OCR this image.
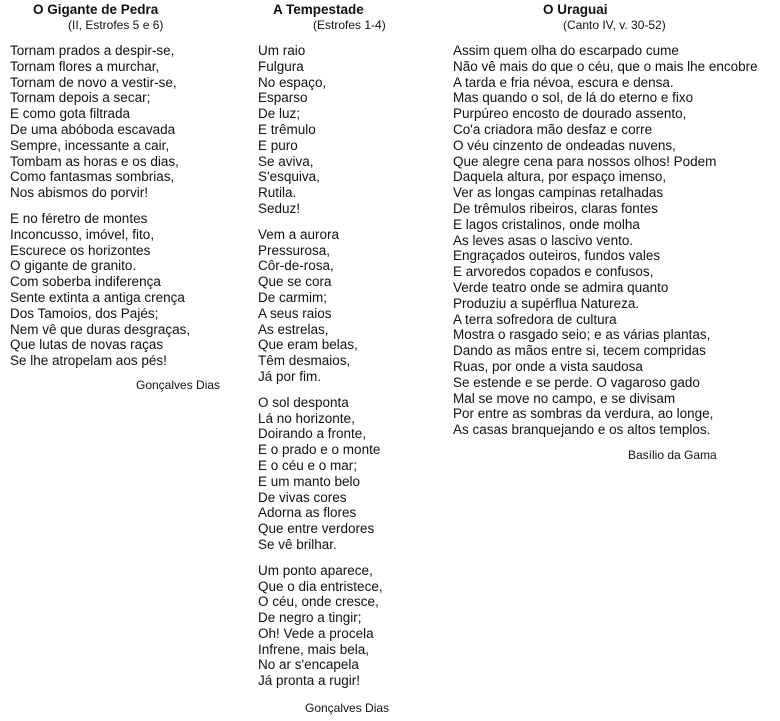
O Gigante de Pedra
(II, Estrofes 5 e 6)
Tornam prados a despir-se,
Tornam flores a murchar,
Tornam de novo a vestir-se,
Tornam depois a secar;
E como gota filtrada
De uma abóboda escavada
Sempre, incessante a cair,
Tombam as horas e os dias,
Como fantasmas sombrias,
Nos abismos do porvir!
E no féretro de montes
Inconcusso, imóvel, fito,
Escurece os horizontes
O gigante de granito.
Com soberba indiferença
Sente extinta a antiga crença
Dos Tamoios, dos Pajés;
Nem vê que duras desgraças,
Que lutas de novas raças
Se lhe atropelam aos pés!
Gonçalves Dias
A Tempestade
(Estrofes 1-4)
Um raio
Fulgura
No espaço,
Esparso
De luz;
E trêmulo
E puro
Se aviva,
S'esquiva,
Rutila.
Seduz!
Vem a aurora
Pressurosa,
Côr-de-rosa,
Que se cora
De carmim;
A seus raios
As estrelas,
Que eram belas,
Têm desmaios,
Já por fim.
O sol desponta
Lá no horizonte,
Doirando a fronte,
E o prado e o monte
E o céu e o mar;
E um manto belo
De vivas cores
Adorna as flores
Que entre verdores
Se vê brilhar.
Um ponto aparece,
Que o dia entristece,
O céu, onde cresce,
De negro a tingir;
Oh! Vede a procela
Infrene, mais bela,
No ar s'encapela
Já pronta a rugir!
Gonçalves Dias
O Uraguai
(Canto IV, v. 30-52)
Assim quem olha do escarpado cume
Não vê mais do que o céu, que o mais lhe encobre
A tarda e fria névoa, escura e densa.
Mas quando o sol, de lá do eterno e fixo
Purpúreo encosto de dourado assento,
Co'a criadora mão desfaz e corre
O véu cinzento de ondeadas nuvens,
Que alegre cena para nossos olhos! Podem
Daquela altura, por espaço imenso,
Ver as longas campinas retalhadas
De trêmulos ribeiros, claras fontes
E lagos cristalinos, onde molha
As leves asas o lascivo vento.
Engraçados outeiros, fundos vales
E arvoredos copados e confusos,
Verde teatro onde se admira quanto
Produziu a supérflua Natureza.
A terra sofredora de cultura
Mostra o rasgado seio; e as várias plantas,
Dando as mãos entre si, tecem compridas
Ruas, por onde a vista saudosa
Se estende e se perde. O vagaroso gado
Mal se move no campo, e se divisam
Por entre as sombras da verdura, ao longe,
As casas branquejando e os altos templos.
Basílio da Gama
